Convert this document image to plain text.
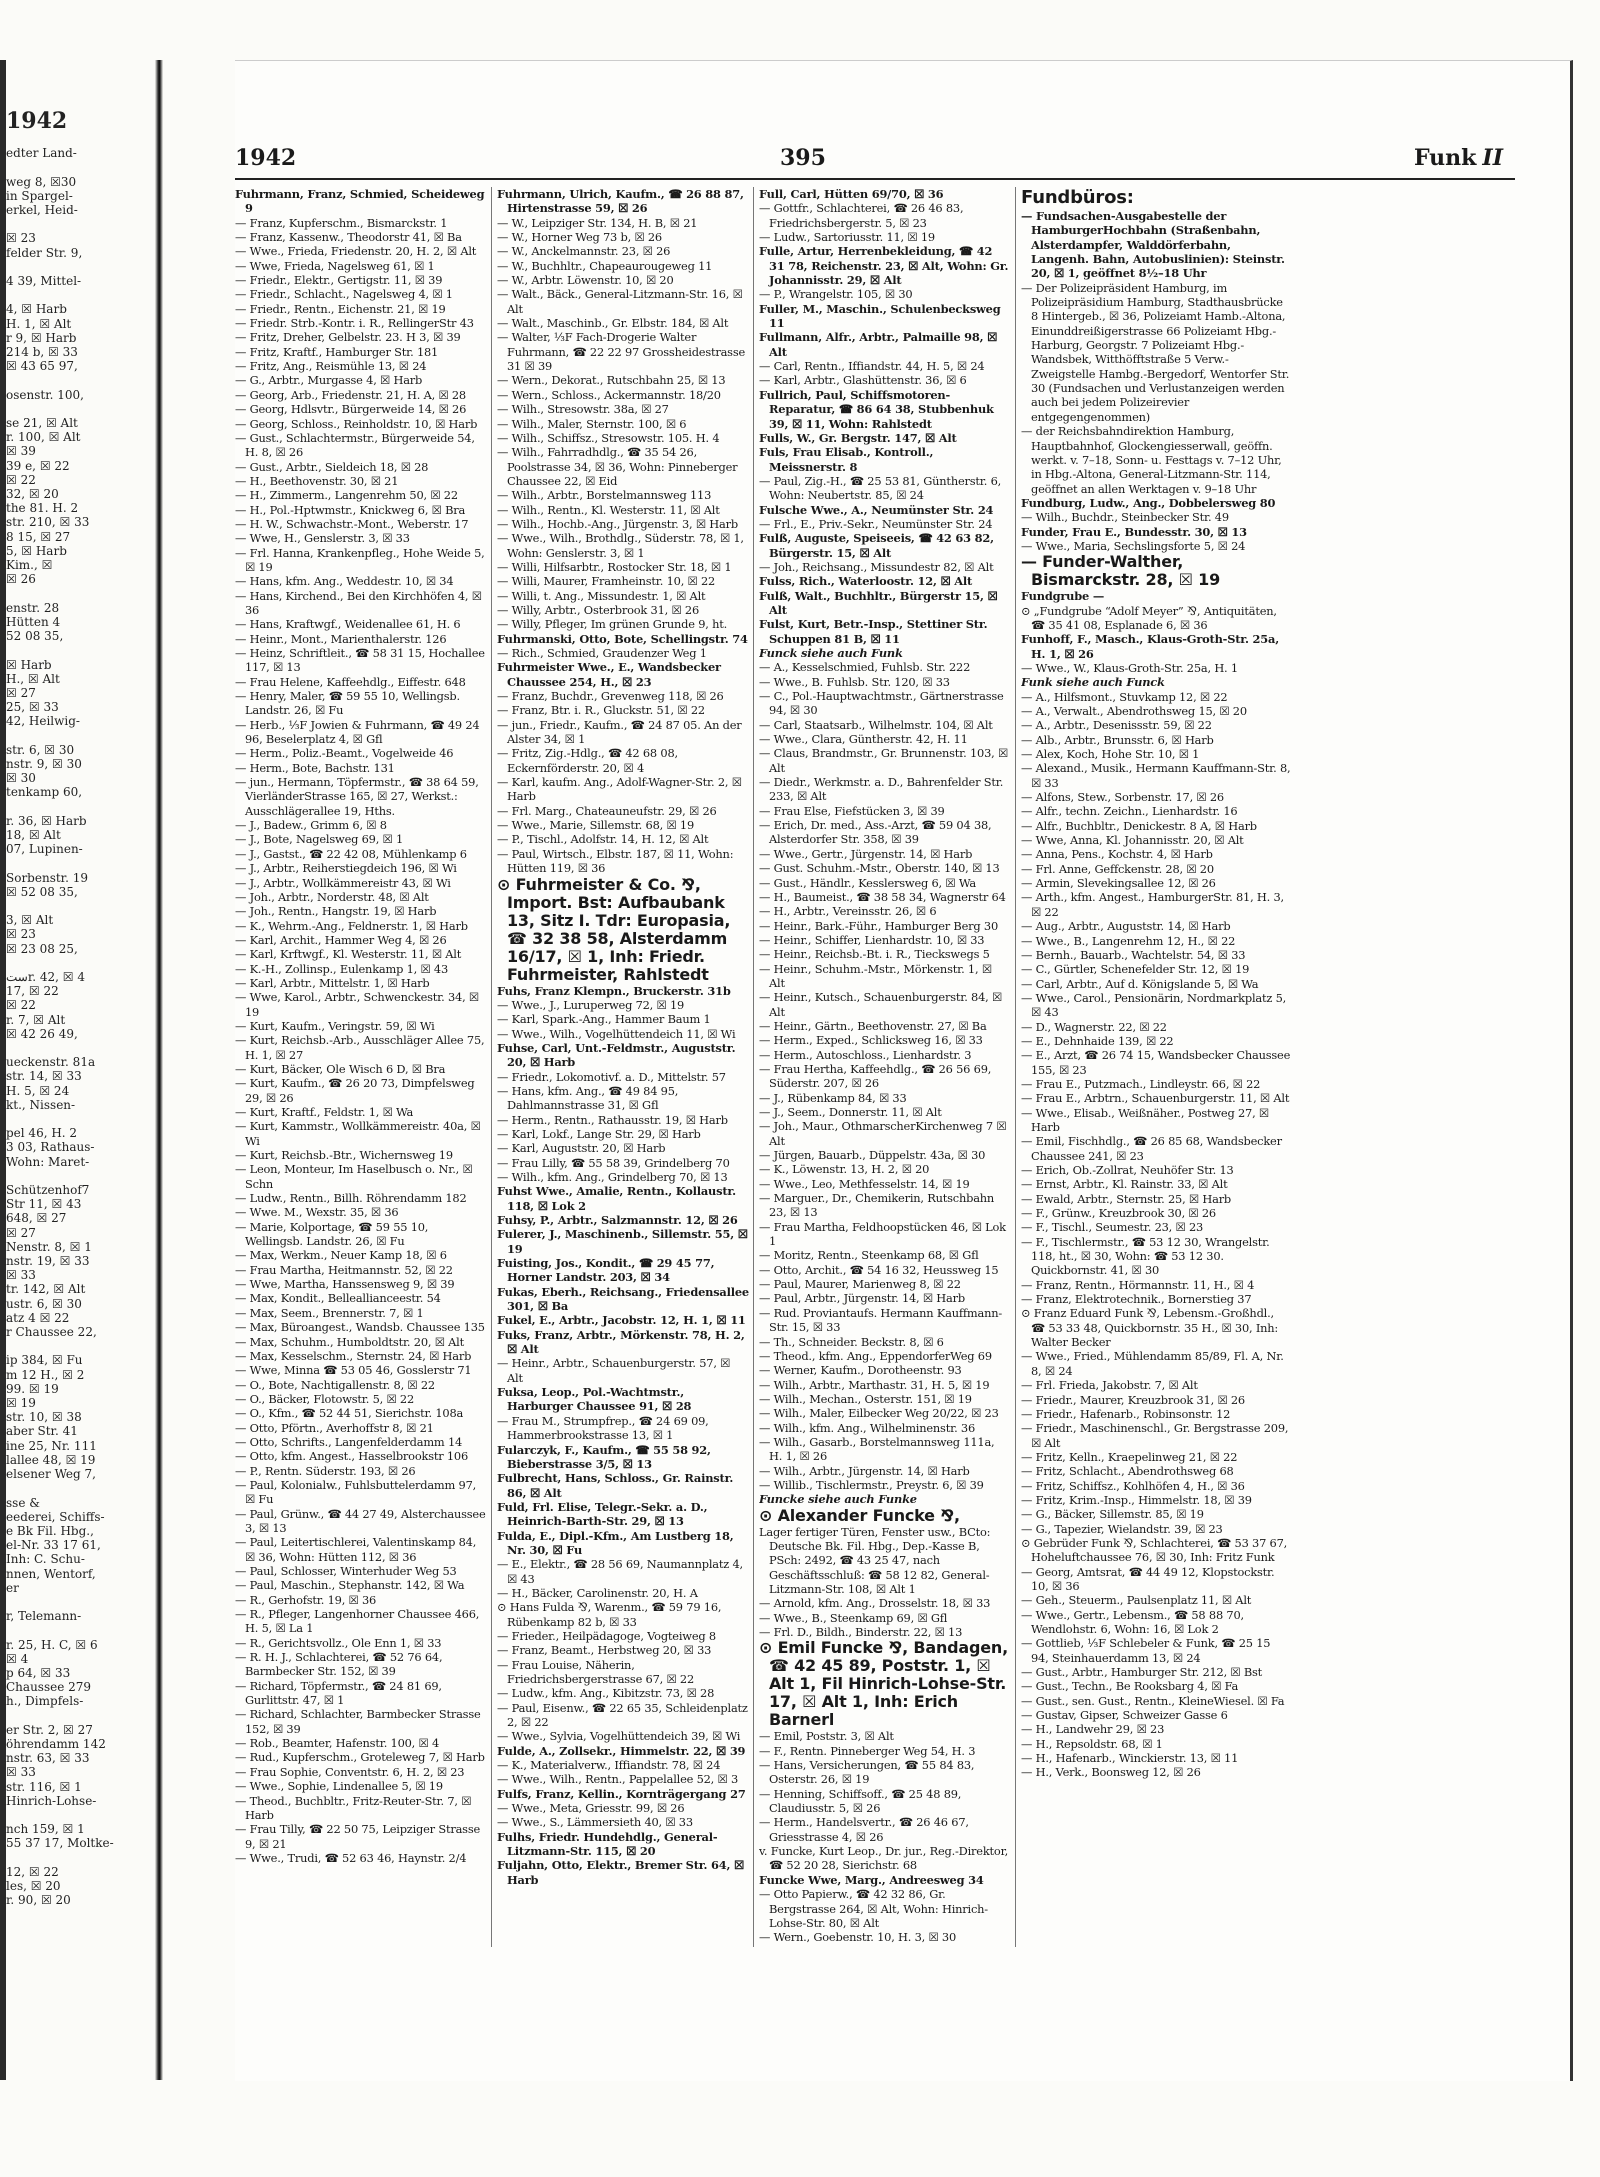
1942
edter Land-

weg 8, ☒30
in Spargel-
erkel, Heid-

☒ 23
felder Str. 9,

4 39, Mittel-

4, ☒ Harb
H. 1, ☒ Alt
r 9, ☒ Harb
214 b, ☒ 33
☒ 43 65 97,

osenstr. 100,

se 21, ☒ Alt
r. 100, ☒ Alt
☒ 39
39 e, ☒ 22
☒ 22
32, ☒ 20
the 81. H. 2
str. 210, ☒ 33
8 15, ☒ 27
5, ☒ Harb
Kim., ☒
☒ 26

enstr. 28
Hütten 4
52 08 35,

☒ Harb
H., ☒ Alt
☒ 27
25, ☒ 33
42, Heilwig-

str. 6, ☒ 30
nstr. 9, ☒ 30
☒ 30
tenkamp 60,

r. 36, ☒ Harb
18, ☒ Alt
07, Lupinen-

Sorbenstr. 19
☒ 52 08 35,

3, ☒ Alt
☒ 23
☒ 23 08 25,

ستr. 42, ☒ 4
17, ☒ 22
☒ 22
r. 7, ☒ Alt
☒ 42 26 49,

ueckenstr. 81a
str. 14, ☒ 33
H. 5, ☒ 24
kt., Nissen-

pel 46, H. 2
3 03, Rathaus-
Wohn: Maret-

Schützenhof7
Str 11, ☒ 43
648, ☒ 27
☒ 27
Nenstr. 8, ☒ 1
nstr. 19, ☒ 33
☒ 33
tr. 142, ☒ Alt
ustr. 6, ☒ 30
atz 4 ☒ 22
r Chaussee 22,

ip 384, ☒ Fu
m 12 H., ☒ 2
99. ☒ 19
☒ 19
str. 10, ☒ 38
aber Str. 41
ine 25, Nr. 111
lallee 48, ☒ 19
elsener Weg 7,

sse &
eederei, Schiffs-
e Bk Fil. Hbg.,
el-Nr. 33 17 61,
Inh: C. Schu-
nnen, Wentorf,
er

r, Telemann-

r. 25, H. C, ☒ 6
☒ 4
p 64, ☒ 33
Chaussee 279
h., Dimpfels-

er Str. 2, ☒ 27
öhrendamm 142
nstr. 63, ☒ 33
☒ 33
str. 116, ☒ 1
Hinrich-Lohse-

nch 159, ☒ 1
55 37 17, Moltke-

12, ☒ 22
les, ☒ 20
r. 90, ☒ 20
1942	395	Funk II
Fuhrmann, Franz, Schmied, Scheideweg 9
— Franz, Kupferschm., Bismarckstr. 1
— Franz, Kassenw., Theodorstr 41, ☒ Ba
— Wwe., Frieda, Friedenstr. 20, H. 2, ☒ Alt
— Wwe, Frieda, Nagelsweg 61, ☒ 1
— Friedr., Elektr., Gertigstr. 11, ☒ 39
— Friedr., Schlacht., Nagelsweg 4, ☒ 1
— Friedr., Rentn., Eichenstr. 21, ☒ 19
— Friedr. Strb.-Kontr. i. R., RellingerStr 43
— Fritz, Dreher, Gelbelstr. 23. H 3, ☒ 39
— Fritz, Kraftf., Hamburger Str. 181
— Fritz, Ang., Reismühle 13, ☒ 24
— G., Arbtr., Murgasse 4, ☒ Harb
— Georg, Arb., Friedenstr. 21, H. A, ☒ 28
— Georg, Hdlsvtr., Bürgerweide 14, ☒ 26
— Georg, Schloss., Reinholdstr. 10, ☒ Harb
— Gust., Schlachtermstr., Bürgerweide 54, H. 8, ☒ 26
— Gust., Arbtr., Sieldeich 18, ☒ 28
— H., Beethovenstr. 30, ☒ 21
— H., Zimmerm., Langenrehm 50, ☒ 22
— H., Pol.-Hptwmstr., Knickweg 6, ☒ Bra
— H. W., Schwachstr.-Mont., Weberstr. 17
— Wwe, H., Genslerstr. 3, ☒ 33
— Frl. Hanna, Krankenpfleg., Hohe Weide 5, ☒ 19
— Hans, kfm. Ang., Weddestr. 10, ☒ 34
— Hans, Kirchend., Bei den Kirchhöfen 4, ☒ 36
— Hans, Kraftwgf., Weidenallee 61, H. 6
— Heinr., Mont., Marienthalerstr. 126
— Heinz, Schriftleit., ☎ 58 31 15, Hochallee 117, ☒ 13
— Frau Helene, Kaffeehdlg., Eiffestr. 648
— Henry, Maler, ☎ 59 55 10, Wellingsb. Landstr. 26, ☒ Fu
— Herb., ⅓F Jowien & Fuhrmann, ☎ 49 24 96, Beselerplatz 4, ☒ Gfl
— Herm., Poliz.-Beamt., Vogelweide 46
— Herm., Bote, Bachstr. 131
— jun., Hermann, Töpfermstr., ☎ 38 64 59, VierländerStrasse 165, ☒ 27, Werkst.: Ausschlägerallee 19, Hths.
— J., Badew., Grimm 6, ☒ 8
— J., Bote, Nagelsweg 69, ☒ 1
— J., Gastst., ☎ 22 42 08, Mühlenkamp 6
— J., Arbtr., Reiherstiegdeich 196, ☒ Wi
— J., Arbtr., Wollkämmereistr 43, ☒ Wi
— Joh., Arbtr., Norderstr. 48, ☒ Alt
— Joh., Rentn., Hangstr. 19, ☒ Harb
— K., Wehrm.-Ang., Feldnerstr. 1, ☒ Harb
— Karl, Archit., Hammer Weg 4, ☒ 26
— Karl, Krftwgf., Kl. Westerstr. 11, ☒ Alt
— K.-H., Zollinsp., Eulenkamp 1, ☒ 43
— Karl, Arbtr., Mittelstr. 1, ☒ Harb
— Wwe, Karol., Arbtr., Schwenckestr. 34, ☒ 19
— Kurt, Kaufm., Veringstr. 59, ☒ Wi
— Kurt, Reichsb.-Arb., Ausschläger Allee 75, H. 1, ☒ 27
— Kurt, Bäcker, Ole Wisch 6 D, ☒ Bra
— Kurt, Kaufm., ☎ 26 20 73, Dimpfelsweg 29, ☒ 26
— Kurt, Kraftf., Feldstr. 1, ☒ Wa
— Kurt, Kammstr., Wollkämmereistr. 40a, ☒ Wi
— Kurt, Reichsb.-Btr., Wichernsweg 19
— Leon, Monteur, Im Haselbusch o. Nr., ☒ Schn
— Ludw., Rentn., Billh. Röhrendamm 182
— Wwe. M., Wexstr. 35, ☒ 36
— Marie, Kolportage, ☎ 59 55 10, Wellingsb. Landstr. 26, ☒ Fu
— Max, Werkm., Neuer Kamp 18, ☒ 6
— Frau Martha, Heitmannstr. 52, ☒ 22
— Wwe, Martha, Hanssensweg 9, ☒ 39
— Max, Kondit., Belleallianceestr. 54
— Max, Seem., Brennerstr. 7, ☒ 1
— Max, Büroangest., Wandsb. Chaussee 135
— Max, Schuhm., Humboldtstr. 20, ☒ Alt
— Max, Kesselschm., Sternstr. 24, ☒ Harb
— Wwe, Minna ☎ 53 05 46, Gosslerstr 71
— O., Bote, Nachtigallenstr. 8, ☒ 22
— O., Bäcker, Flotowstr. 5, ☒ 22
— O., Kfm., ☎ 52 44 51, Sierichstr. 108a
— Otto, Pförtn., Averhoffstr 8, ☒ 21
— Otto, Schrifts., Langenfelderdamm 14
— Otto, kfm. Angest., Hasselbrookstr 106
— P., Rentn. Süderstr. 193, ☒ 26
— Paul, Kolonialw., Fuhlsbuttelerdamm 97, ☒ Fu
— Paul, Grünw., ☎ 44 27 49, Alsterchaussee 3, ☒ 13
— Paul, Leitertischlerei, Valentinskamp 84, ☒ 36, Wohn: Hütten 112, ☒ 36
— Paul, Schlosser, Winterhuder Weg 53
— Paul, Maschin., Stephanstr. 142, ☒ Wa
— R., Gerhofstr. 19, ☒ 36
— R., Pfleger, Langenhorner Chaussee 466, H. 5, ☒ La 1
— R., Gerichtsvollz., Ole Enn 1, ☒ 33
— R. H. J., Schlachterei, ☎ 52 76 64, Barmbecker Str. 152, ☒ 39
— Richard, Töpfermstr., ☎ 24 81 69, Gurlittstr. 47, ☒ 1
— Richard, Schlachter, Barmbecker Strasse 152, ☒ 39
— Rob., Beamter, Hafenstr. 100, ☒ 4
— Rud., Kupferschm., Groteleweg 7, ☒ Harb
— Frau Sophie, Conventstr. 6, H. 2, ☒ 23
— Wwe., Sophie, Lindenallee 5, ☒ 19
— Theod., Buchbltr., Fritz-Reuter-Str. 7, ☒ Harb
— Frau Tilly, ☎ 22 50 75, Leipziger Strasse 9, ☒ 21
— Wwe., Trudi, ☎ 52 63 46, Haynstr. 2/4
Fuhrmann, Ulrich, Kaufm., ☎ 26 88 87, Hirtenstrasse 59, ☒ 26
— W., Leipziger Str. 134, H. B, ☒ 21
— W., Horner Weg 73 b, ☒ 26
— W., Anckelmannstr. 23, ☒ 26
— W., Buchhltr., Chapeaurougeweg 11
— W., Arbtr. Löwenstr. 10, ☒ 20
— Walt., Bäck., General-Litzmann-Str. 16, ☒ Alt
— Walt., Maschinb., Gr. Elbstr. 184, ☒ Alt
— Walter, ⅓F Fach-Drogerie Walter Fuhrmann, ☎ 22 22 97 Grossheidestrasse 31 ☒ 39
— Wern., Dekorat., Rutschbahn 25, ☒ 13
— Wern., Schloss., Ackermannstr. 18/20
— Wilh., Stresowstr. 38a, ☒ 27
— Wilh., Maler, Sternstr. 100, ☒ 6
— Wilh., Schiffsz., Stresowstr. 105. H. 4
— Wilh., Fahrradhdlg., ☎ 35 54 26, Poolstrasse 34, ☒ 36, Wohn: Pinneberger Chaussee 22, ☒ Eid
— Wilh., Arbtr., Borstelmannsweg 113
— Wilh., Rentn., Kl. Westerstr. 11, ☒ Alt
— Wilh., Hochb.-Ang., Jürgenstr. 3, ☒ Harb
— Wwe., Wilh., Brothdlg., Süderstr. 78, ☒ 1, Wohn: Genslerstr. 3, ☒ 1
— Willi, Hilfsarbtr., Rostocker Str. 18, ☒ 1
— Willi, Maurer, Framheinstr. 10, ☒ 22
— Willi, t. Ang., Missundestr. 1, ☒ Alt
— Willy, Arbtr., Osterbrook 31, ☒ 26
— Willy, Pfleger, Im grünen Grunde 9, ht.
Fuhrmanski, Otto, Bote, Schellingstr. 74
— Rich., Schmied, Graudenzer Weg 1
Fuhrmeister Wwe., E., Wandsbecker Chaussee 254, H., ☒ 23
— Franz, Buchdr., Grevenweg 118, ☒ 26
— Franz, Btr. i. R., Gluckstr. 51, ☒ 22
— jun., Friedr., Kaufm., ☎ 24 87 05. An der Alster 34, ☒ 1
— Fritz, Zig.-Hdlg., ☎ 42 68 08, Eckernförderstr. 20, ☒ 4
— Karl, kaufm. Ang., Adolf-Wagner-Str. 2, ☒ Harb
— Frl. Marg., Chateauneufstr. 29, ☒ 26
— Wwe., Marie, Sillemstr. 68, ☒ 19
— P., Tischl., Adolfstr. 14, H. 12, ☒ Alt
— Paul, Wirtsch., Elbstr. 187, ☒ 11, Wohn: Hütten 119, ☒ 36
⊙ Fuhrmeister & Co. ⅋, Import. Bst: Aufbaubank 13, Sitz I. Tdr: Europasia, ☎ 32 38 58, Alsterdamm 16/17, ☒ 1, Inh: Friedr. Fuhrmeister, Rahlstedt
Fuhs, Franz Klempn., Bruckerstr. 31b
— Wwe., J., Luruperweg 72, ☒ 19
— Karl, Spark.-Ang., Hammer Baum 1
— Wwe., Wilh., Vogelhüttendeich 11, ☒ Wi
Fuhse, Carl, Unt.-Feldmstr., Auguststr. 20, ☒ Harb
— Friedr., Lokomotivf. a. D., Mittelstr. 57
— Hans, kfm. Ang., ☎ 49 84 95, Dahlmannstrasse 31, ☒ Gfl
— Herm., Rentn., Rathausstr. 19, ☒ Harb
— Karl, Lokf., Lange Str. 29, ☒ Harb
— Karl, Auguststr. 20, ☒ Harb
— Frau Lilly, ☎ 55 58 39, Grindelberg 70
— Wilh., kfm. Ang., Grindelberg 70, ☒ 13
Fuhst Wwe., Amalie, Rentn., Kollaustr. 118, ☒ Lok 2
Fuhsy, P., Arbtr., Salzmannstr. 12, ☒ 26
Fulerer, J., Maschinenb., Sillemstr. 55, ☒ 19
Fuisting, Jos., Kondit., ☎ 29 45 77, Horner Landstr. 203, ☒ 34
Fukas, Eberh., Reichsang., Friedensallee 301, ☒ Ba
Fukel, E., Arbtr., Jacobstr. 12, H. 1, ☒ 11
Fuks, Franz, Arbtr., Mörkenstr. 78, H. 2, ☒ Alt
— Heinr., Arbtr., Schauenburgerstr. 57, ☒ Alt
Fuksa, Leop., Pol.-Wachtmstr., Harburger Chaussee 91, ☒ 28
— Frau M., Strumpfrep., ☎ 24 69 09, Hammerbrookstrasse 13, ☒ 1
Fularczyk, F., Kaufm., ☎ 55 58 92, Bieberstrasse 3/5, ☒ 13
Fulbrecht, Hans, Schloss., Gr. Rainstr. 86, ☒ Alt
Fuld, Frl. Elise, Telegr.-Sekr. a. D., Heinrich-Barth-Str. 29, ☒ 13
Fulda, E., Dipl.-Kfm., Am Lustberg 18, Nr. 30, ☒ Fu
— E., Elektr., ☎ 28 56 69, Naumannplatz 4, ☒ 43
— H., Bäcker, Carolinenstr. 20, H. A
⊙ Hans Fulda ⅋, Warenm., ☎ 59 79 16, Rübenkamp 82 b, ☒ 33
— Frieder., Heilpädagoge, Vogteiweg 8
— Franz, Beamt., Herbstweg 20, ☒ 33
— Frau Louise, Näherin, Friedrichsbergerstrasse 67, ☒ 22
— Ludw., kfm. Ang., Kibitzstr. 73, ☒ 28
— Paul, Eisenw., ☎ 22 65 35, Schleidenplatz 2, ☒ 22
— Wwe., Sylvia, Vogelhüttendeich 39, ☒ Wi
Fulde, A., Zollsekr., Himmelstr. 22, ☒ 39
— K., Materialverw., Iffiandstr. 78, ☒ 24
— Wwe., Wilh., Rentn., Pappelallee 52, ☒ 3
Fulfs, Franz, Kellin., Kornträgergang 27
— Wwe., Meta, Griesstr. 99, ☒ 26
— Wwe., S., Lämmersieth 40, ☒ 33
Fulhs, Friedr. Hundehdlg., General-Litzmann-Str. 115, ☒ 20
Fuljahn, Otto, Elektr., Bremer Str. 64, ☒ Harb
Full, Carl, Hütten 69/70, ☒ 36
— Gottfr., Schlachterei, ☎ 26 46 83, Friedrichsbergerstr. 5, ☒ 23
— Ludw., Sartoriusstr. 11, ☒ 19
Fulle, Artur, Herrenbekleidung, ☎ 42 31 78, Reichenstr. 23, ☒ Alt, Wohn: Gr. Johannisstr. 29, ☒ Alt
— P., Wrangelstr. 105, ☒ 30
Fuller, M., Maschin., Schulenbecksweg 11
Fullmann, Alfr., Arbtr., Palmaille 98, ☒ Alt
— Carl, Rentn., Iffiandstr. 44, H. 5, ☒ 24
— Karl, Arbtr., Glashüttenstr. 36, ☒ 6
Fullrich, Paul, Schiffsmotoren-Reparatur, ☎ 86 64 38, Stubbenhuk 39, ☒ 11, Wohn: Rahlstedt
Fulls, W., Gr. Bergstr. 147, ☒ Alt
Fuls, Frau Elisab., Kontroll., Meissnerstr. 8
— Paul, Zig.-H., ☎ 25 53 81, Güntherstr. 6, Wohn: Neubertstr. 85, ☒ 24
Fulsche Wwe., A., Neumünster Str. 24
— Frl., E., Priv.-Sekr., Neumünster Str. 24
Fulß, Auguste, Speiseeis, ☎ 42 63 82, Bürgerstr. 15, ☒ Alt
— Joh., Reichsang., Missundestr 82, ☒ Alt
Fulss, Rich., Waterloostr. 12, ☒ Alt
Fulß, Walt., Buchhltr., Bürgerstr 15, ☒ Alt
Fulst, Kurt, Betr.-Insp., Stettiner Str. Schuppen 81 B, ☒ 11
Funck siehe auch Funk
— A., Kesselschmied, Fuhlsb. Str. 222
— Wwe., B. Fuhlsb. Str. 120, ☒ 33
— C., Pol.-Hauptwachtmstr., Gärtnerstrasse 94, ☒ 30
— Carl, Staatsarb., Wilhelmstr. 104, ☒ Alt
— Wwe., Clara, Güntherstr. 42, H. 11
— Claus, Brandmstr., Gr. Brunnenstr. 103, ☒ Alt
— Diedr., Werkmstr. a. D., Bahrenfelder Str. 233, ☒ Alt
— Frau Else, Fiefstücken 3, ☒ 39
— Erich, Dr. med., Ass.-Arzt, ☎ 59 04 38, Alsterdorfer Str. 358, ☒ 39
— Wwe., Gertr., Jürgenstr. 14, ☒ Harb
— Gust. Schuhm.-Mstr., Oberstr. 140, ☒ 13
— Gust., Händlr., Kesslersweg 6, ☒ Wa
— H., Baumeist., ☎ 38 58 34, Wagnerstr 64
— H., Arbtr., Vereinsstr. 26, ☒ 6
— Heinr., Bark.-Führ., Hamburger Berg 30
— Heinr., Schiffer, Lienhardstr. 10, ☒ 33
— Heinr., Reichsb.-Bt. i. R., Tieckswegs 5
— Heinr., Schuhm.-Mstr., Mörkenstr. 1, ☒ Alt
— Heinr., Kutsch., Schauenburgerstr. 84, ☒ Alt
— Heinr., Gärtn., Beethovenstr. 27, ☒ Ba
— Herm., Exped., Schlicksweg 16, ☒ 33
— Herm., Autoschloss., Lienhardstr. 3
— Frau Hertha, Kaffeehdlg., ☎ 26 56 69, Süderstr. 207, ☒ 26
— J., Rübenkamp 84, ☒ 33
— J., Seem., Donnerstr. 11, ☒ Alt
— Joh., Maur., OthmarscherKirchenweg 7 ☒ Alt
— Jürgen, Bauarb., Düppelstr. 43a, ☒ 30
— K., Löwenstr. 13, H. 2, ☒ 20
— Wwe., Leo, Methfesselstr. 14, ☒ 19
— Marguer., Dr., Chemikerin, Rutschbahn 23, ☒ 13
— Frau Martha, Feldhoopstücken 46, ☒ Lok 1
— Moritz, Rentn., Steenkamp 68, ☒ Gfl
— Otto, Archit., ☎ 54 16 32, Heussweg 15
— Paul, Maurer, Marienweg 8, ☒ 22
— Paul, Arbtr., Jürgenstr. 14, ☒ Harb
— Rud. Proviantaufs. Hermann Kauffmann-Str. 15, ☒ 33
— Th., Schneider. Beckstr. 8, ☒ 6
— Theod., kfm. Ang., EppendorferWeg 69
— Werner, Kaufm., Dorotheenstr. 93
— Wilh., Arbtr., Marthastr. 31, H. 5, ☒ 19
— Wilh., Mechan., Osterstr. 151, ☒ 19
— Wilh., Maler, Eilbecker Weg 20/22, ☒ 23
— Wilh., kfm. Ang., Wilhelminenstr. 36
— Wilh., Gasarb., Borstelmannsweg 111a, H. 1, ☒ 26
— Wilh., Arbtr., Jürgenstr. 14, ☒ Harb
— Willib., Tischlermstr., Preystr. 6, ☒ 39
Funcke siehe auch Funke
⊙ Alexander Funcke ⅋,
Lager fertiger Türen, Fenster usw., BCto: Deutsche Bk. Fil. Hbg., Dep.-Kasse B, PSch: 2492, ☎ 43 25 47, nach Geschäftsschluß: ☎ 58 12 82, General-Litzmann-Str. 108, ☒ Alt 1
— Arnold, kfm. Ang., Drosselstr. 18, ☒ 33
— Wwe., B., Steenkamp 69, ☒ Gfl
— Frl. D., Bildh., Binderstr. 22, ☒ 13
⊙ Emil Funcke ⅋, Bandagen, ☎ 42 45 89, Poststr. 1, ☒ Alt 1, Fil Hinrich-Lohse-Str. 17, ☒ Alt 1, Inh: Erich Barnerl
— Emil, Poststr. 3, ☒ Alt
— F., Rentn. Pinneberger Weg 54, H. 3
— Hans, Versicherungen, ☎ 55 84 83, Osterstr. 26, ☒ 19
— Henning, Schiffsoff., ☎ 25 48 89, Claudiusstr. 5, ☒ 26
— Herm., Handelsvertr., ☎ 26 46 67, Griesstrasse 4, ☒ 26
v. Funcke, Kurt Leop., Dr. jur., Reg.-Direktor, ☎ 52 20 28, Sierichstr. 68
Funcke Wwe, Marg., Andreesweg 34
— Otto Papierw., ☎ 42 32 86, Gr. Bergstrasse 264, ☒ Alt, Wohn: Hinrich-Lohse-Str. 80, ☒ Alt
— Wern., Goebenstr. 10, H. 3, ☒ 30
Fundbüros:
— Fundsachen-Ausgabestelle der HamburgerHochbahn (Straßenbahn, Alsterdampfer, Walddörferbahn, Langenh. Bahn, Autobuslinien): Steinstr. 20, ☒ 1, geöffnet 8½–18 Uhr
— Der Polizeipräsident Hamburg, im Polizeipräsidium Hamburg, Stadthausbrücke 8 Hintergeb., ☒ 36, Polizeiamt Hamb.-Altona, Einunddreißigerstrasse 66 Polizeiamt Hbg.-Harburg, Georgstr. 7 Polizeiamt Hbg.-Wandsbek, Witthöfftstraße 5 Verw.-Zweigstelle Hambg.-Bergedorf, Wentorfer Str. 30 (Fundsachen und Verlustanzeigen werden auch bei jedem Polizeirevier entgegengenommen)
— der Reichsbahndirektion Hamburg, Hauptbahnhof, Glockengiesserwall, geöffn. werkt. v. 7–18, Sonn- u. Festtags v. 7–12 Uhr, in Hbg.-Altona, General-Litzmann-Str. 114, geöffnet an allen Werktagen v. 9–18 Uhr
Fundburg, Ludw., Ang., Dobbelersweg 80
— Wilh., Buchdr., Steinbecker Str. 49
Funder, Frau E., Bundesstr. 30, ☒ 13
— Wwe., Maria, Sechslingsforte 5, ☒ 24
— Funder-Walther, Bismarckstr. 28, ☒ 19
Fundgrube —
⊙ „Fundgrube “Adolf Meyer” ⅋, Antiquitäten, ☎ 35 41 08, Esplanade 6, ☒ 36
Funhoff, F., Masch., Klaus-Groth-Str. 25a, H. 1, ☒ 26
— Wwe., W., Klaus-Groth-Str. 25a, H. 1
Funk siehe auch Funck
— A., Hilfsmont., Stuvkamp 12, ☒ 22
— A., Verwalt., Abendrothsweg 15, ☒ 20
— A., Arbtr., Desenissstr. 59, ☒ 22
— Alb., Arbtr., Brunsstr. 6, ☒ Harb
— Alex, Koch, Hohe Str. 10, ☒ 1
— Alexand., Musik., Hermann Kauffmann-Str. 8, ☒ 33
— Alfons, Stew., Sorbenstr. 17, ☒ 26
— Alfr., techn. Zeichn., Lienhardstr. 16
— Alfr., Buchbltr., Denickestr. 8 A, ☒ Harb
— Wwe, Anna, Kl. Johannisstr. 20, ☒ Alt
— Anna, Pens., Kochstr. 4, ☒ Harb
— Frl. Anne, Geffckenstr. 28, ☒ 20
— Armin, Slevekingsallee 12, ☒ 26
— Arth., kfm. Angest., HamburgerStr. 81, H. 3, ☒ 22
— Aug., Arbtr., Auguststr. 14, ☒ Harb
— Wwe., B., Langenrehm 12, H., ☒ 22
— Bernh., Bauarb., Wachtelstr. 54, ☒ 33
— C., Gürtler, Schenefelder Str. 12, ☒ 19
— Carl, Arbtr., Auf d. Königslande 5, ☒ Wa
— Wwe., Carol., Pensionärin, Nordmarkplatz 5, ☒ 43
— D., Wagnerstr. 22, ☒ 22
— E., Dehnhaide 139, ☒ 22
— E., Arzt, ☎ 26 74 15, Wandsbecker Chaussee 155, ☒ 23
— Frau E., Putzmach., Lindleystr. 66, ☒ 22
— Frau E., Arbtrn., Schauenburgerstr. 11, ☒ Alt
— Wwe., Elisab., Weißnäher., Postweg 27, ☒ Harb
— Emil, Fischhdlg., ☎ 26 85 68, Wandsbecker Chaussee 241, ☒ 23
— Erich, Ob.-Zollrat, Neuhöfer Str. 13
— Ernst, Arbtr., Kl. Rainstr. 33, ☒ Alt
— Ewald, Arbtr., Sternstr. 25, ☒ Harb
— F., Grünw., Kreuzbrook 30, ☒ 26
— F., Tischl., Seumestr. 23, ☒ 23
— F., Tischlermstr., ☎ 53 12 30, Wrangelstr. 118, ht., ☒ 30, Wohn: ☎ 53 12 30. Quickbornstr. 41, ☒ 30
— Franz, Rentn., Hörmannstr. 11, H., ☒ 4
— Franz, Elektrotechnik., Bornerstieg 37
⊙ Franz Eduard Funk ⅋, Lebensm.-Großhdl., ☎ 53 33 48, Quickbornstr. 35 H., ☒ 30, Inh: Walter Becker
— Wwe., Fried., Mühlendamm 85/89, Fl. A, Nr. 8, ☒ 24
— Frl. Frieda, Jakobstr. 7, ☒ Alt
— Friedr., Maurer, Kreuzbrook 31, ☒ 26
— Friedr., Hafenarb., Robinsonstr. 12
— Friedr., Maschinenschl., Gr. Bergstrasse 209, ☒ Alt
— Fritz, Kelln., Kraepelinweg 21, ☒ 22
— Fritz, Schlacht., Abendrothsweg 68
— Fritz, Schiffsz., Kohlhöfen 4, H., ☒ 36
— Fritz, Krim.-Insp., Himmelstr. 18, ☒ 39
— G., Bäcker, Sillemstr. 85, ☒ 19
— G., Tapezier, Wielandstr. 39, ☒ 23
⊙ Gebrüder Funk ⅋, Schlachterei, ☎ 53 37 67, Hoheluftchaussee 76, ☒ 30, Inh: Fritz Funk
— Georg, Amtsrat, ☎ 44 49 12, Klopstockstr. 10, ☒ 36
— Geh., Steuerm., Paulsenplatz 11, ☒ Alt
— Wwe., Gertr., Lebensm., ☎ 58 88 70, Wendlohstr. 6, Wohn: 16, ☒ Lok 2
— Gottlieb, ⅓F Schlebeler & Funk, ☎ 25 15 94, Steinhauerdamm 13, ☒ 24
— Gust., Arbtr., Hamburger Str. 212, ☒ Bst
— Gust., Techn., Be Rooksbarg 4, ☒ Fa
— Gust., sen. Gust., Rentn., KleineWiesel. ☒ Fa
— Gustav, Gipser, Schweizer Gasse 6
— H., Landwehr 29, ☒ 23
— H., Repsoldstr. 68, ☒ 1
— H., Hafenarb., Winckierstr. 13, ☒ 11
— H., Verk., Boonsweg 12, ☒ 26
